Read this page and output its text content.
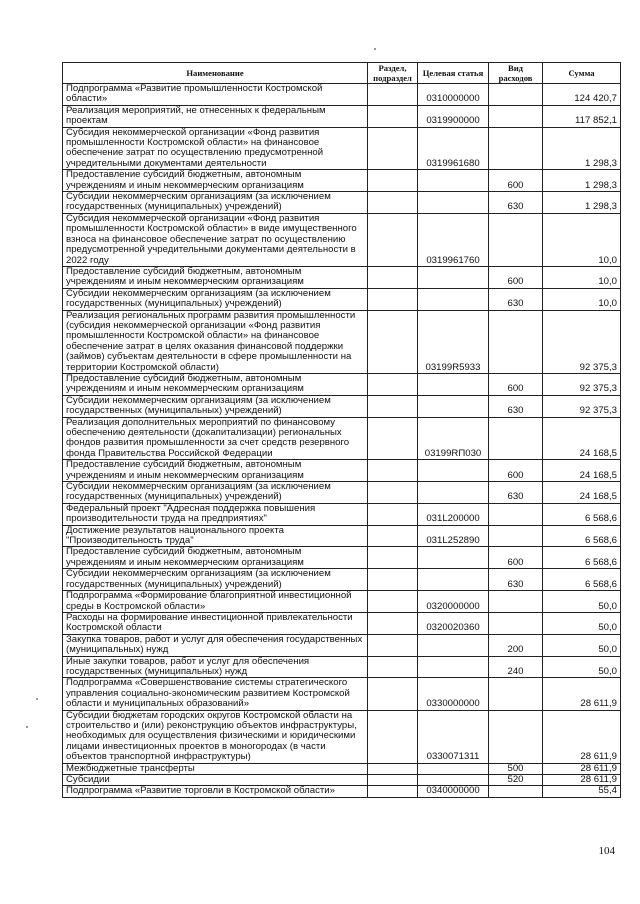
Наименование	Раздел, подраздел	Целевая статья	Вид расходов	Сумма
Подпрограмма «Развитие промышленности Костромской области»		0310000000		124 420,7
Реализация мероприятий, не отнесенных к федеральным проектам		0319900000		117 852,1
Субсидия некоммерческой организации «Фонд развития промышленности Костромской области» на финансовое обеспечение затрат по осуществлению предусмотренной учредительными документами деятельности		0319961680		1 298,3
Предоставление субсидий бюджетным, автономным учреждениям и иным некоммерческим организациям			600	1 298,3
Субсидии некоммерческим организациям (за исключением государственных (муниципальных) учреждений)			630	1 298,3
Субсидия некоммерческой организации «Фонд развития промышленности Костромской области» в виде имущественного взноса на финансовое обеспечение затрат по осуществлению предусмотренной учредительными документами деятельности в 2022 году		0319961760		10,0
Предоставление субсидий бюджетным, автономным учреждениям и иным некоммерческим организациям			600	10,0
Субсидии некоммерческим организациям (за исключением государственных (муниципальных) учреждений)			630	10,0
Реализация региональных программ развития промышленности (субсидия некоммерческой организации «Фонд развития промышленности Костромской области» на финансовое обеспечение затрат в целях оказания финансовой поддержки (займов) субъектам деятельности в сфере промышленности на территории Костромской области)		03199R5933		92 375,3
Предоставление субсидий бюджетным, автономным учреждениям и иным некоммерческим организациям			600	92 375,3
Субсидии некоммерческим организациям (за исключением государственных (муниципальных) учреждений)			630	92 375,3
Реализация дополнительных мероприятий по финансовому обеспечению деятельности (докапитализации) региональных фондов развития промышленности за счет средств резервного фонда Правительства Российской Федерации		03199RП030		24 168,5
Предоставление субсидий бюджетным, автономным учреждениям и иным некоммерческим организациям			600	24 168,5
Субсидии некоммерческим организациям (за исключением государственных (муниципальных) учреждений)			630	24 168,5
Федеральный проект "Адресная поддержка повышения производительности труда на предприятиях"		031L200000		6 568,6
Достижение результатов национального проекта "Производительность труда"		031L252890		6 568,6
Предоставление субсидий бюджетным, автономным учреждениям и иным некоммерческим организациям			600	6 568,6
Субсидии некоммерческим организациям (за исключением государственных (муниципальных) учреждений)			630	6 568,6
Подпрограмма «Формирование благоприятной инвестиционной среды в Костромской области»		0320000000		50,0
Расходы на формирование инвестиционной привлекательности Костромской области		0320020360		50,0
Закупка товаров, работ и услуг для обеспечения государственных (муниципальных) нужд			200	50,0
Иные закупки товаров, работ и услуг для обеспечения государственных (муниципальных) нужд			240	50,0
Подпрограмма «Совершенствование системы стратегического управления социально-экономическим развитием Костромской области и муниципальных образований»		0330000000		28 611,9
Субсидии бюджетам городских округов Костромской области на строительство и (или) реконструкцию объектов инфраструктуры, необходимых для осуществления физическими и юридическими лицами инвестиционных проектов в моногородах (в части объектов транспортной инфраструктуры)		0330071311		28 611,9
Межбюджетные трансферты			500	28 611,9
Субсидии			520	28 611,9
Подпрограмма «Развитие торговли в Костромской области»		0340000000		55,4
104
